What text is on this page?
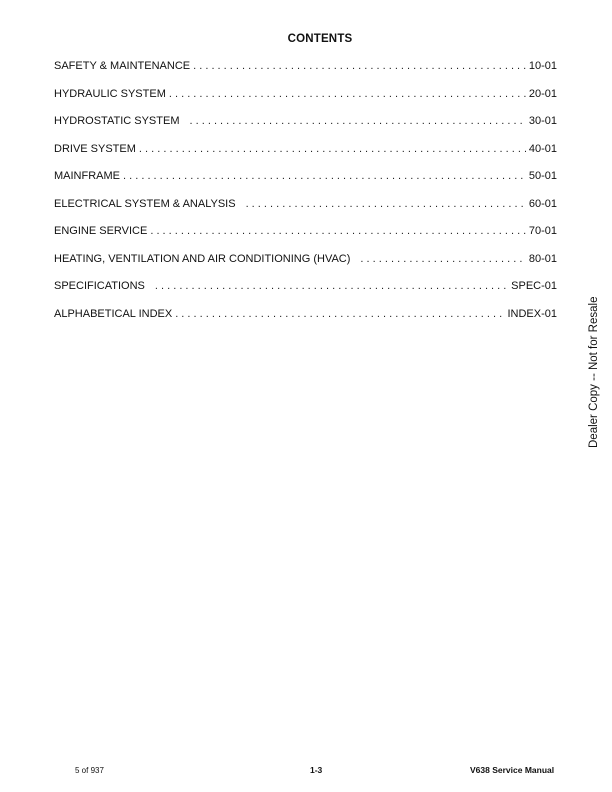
CONTENTS
SAFETY & MAINTENANCE . . .	10-01
HYDRAULIC SYSTEM . . .	20-01
HYDROSTATIC SYSTEM . . .	30-01
DRIVE SYSTEM . . .	40-01
MAINFRAME . . .	50-01
ELECTRICAL SYSTEM & ANALYSIS . . .	60-01
ENGINE SERVICE . . .	70-01
HEATING, VENTILATION AND AIR CONDITIONING (HVAC) . . .	80-01
SPECIFICATIONS . . .	SPEC-01
ALPHABETICAL INDEX . . .	INDEX-01	Dealer Copy -- Not for Resale
5 of 937	1-3	V638 Service Manual
